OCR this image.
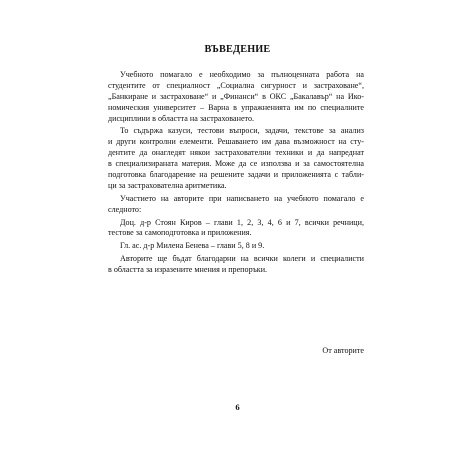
ВЪВЕДЕНИЕ
Учебното помагало е необходимо за пълноценната работа на
студентите от специалност „Социална сигурност и застраховане“,
„Банкиране и застраховане“ и „Финанси“ в ОКС „Бакалавър“ на Ико-
номическия университет – Варна в упражненията им по специалните
дисциплини в областта на застраховането.
То съдържа казуси, тестови въпроси, задачи, текстове за анализ
и други контролни елементи. Решаването им дава възможност на сту-
дентите да онагледят някои застрахователни техники и да напреднат
в специализираната материя. Може да се използва и за самостоятелна
подготовка благодарение на решените задачи и приложенията с табли-
ци за застрахователна аритметика.
Участието на авторите при написването на учебното помагало е
следното:
Доц. д-р Стоян Киров – глави 1, 2, 3, 4, 6 и 7, всички речници,
тестове за самоподготовка и приложения.
Гл. ас. д-р Милена Бенева – глави 5, 8 и 9.
Авторите ще бъдат благодарни на всички колеги и специалисти
в областта за изразените мнения и препоръки.
От авторите
6
